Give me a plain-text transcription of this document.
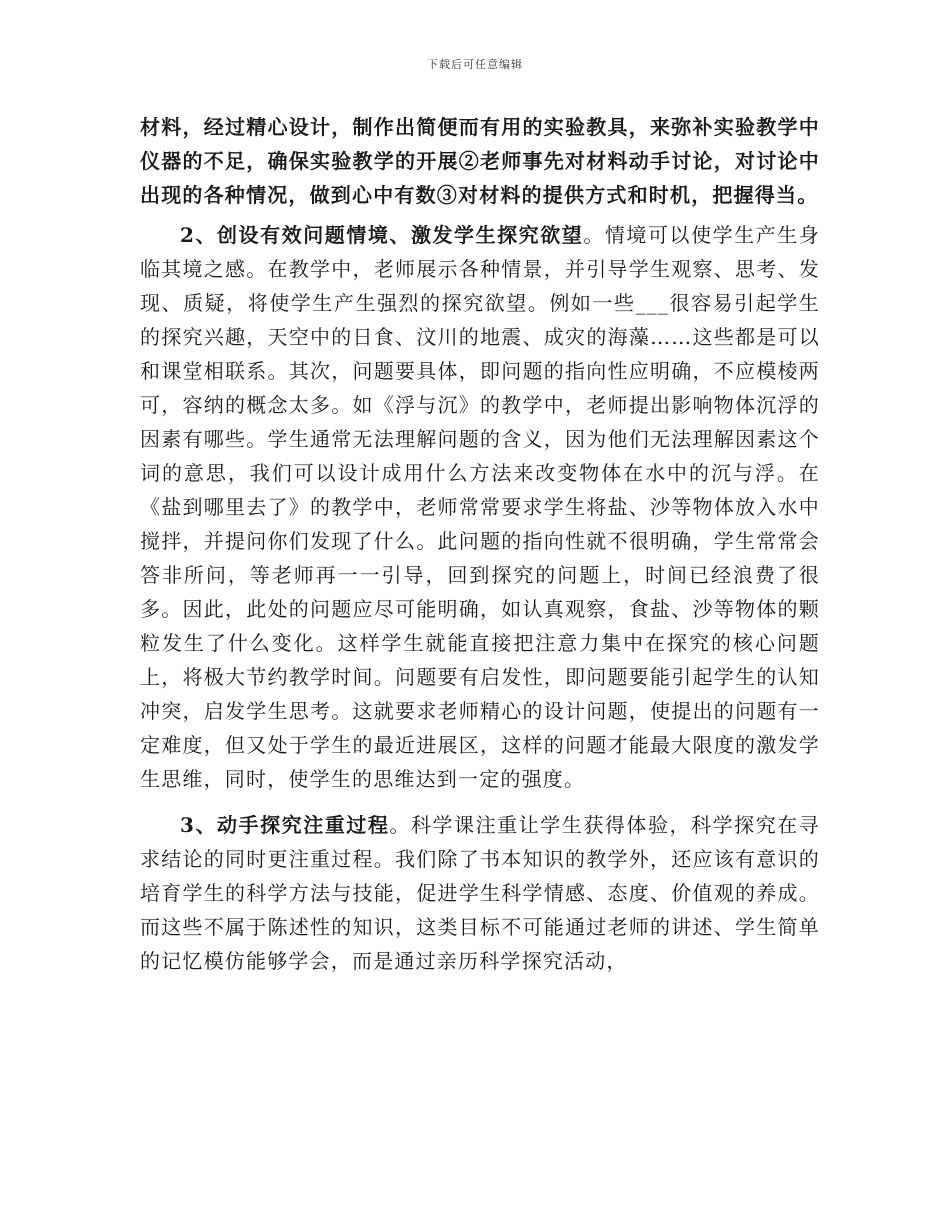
下载后可任意编辑

材料，经过精心设计，制作出简便而有用的实验教具，来弥补实验教学中仪器的不足，确保实验教学的开展②老师事先对材料动手讨论，对讨论中出现的各种情况，做到心中有数③对材料的提供方式和时机，把握得当。

2、创设有效问题情境、激发学生探究欲望。情境可以使学生产生身临其境之感。在教学中，老师展示各种情景，并引导学生观察、思考、发现、质疑，将使学生产生强烈的探究欲望。例如一些___很容易引起学生的探究兴趣，天空中的日食、汶川的地震、成灾的海藻……这些都是可以和课堂相联系。其次，问题要具体，即问题的指向性应明确，不应模棱两可，容纳的概念太多。如《浮与沉》的教学中，老师提出影响物体沉浮的因素有哪些。学生通常无法理解问题的含义，因为他们无法理解因素这个词的意思，我们可以设计成用什么方法来改变物体在水中的沉与浮。在《盐到哪里去了》的教学中，老师常常要求学生将盐、沙等物体放入水中搅拌，并提问你们发现了什么。此问题的指向性就不很明确，学生常常会答非所问，等老师再一一引导，回到探究的问题上，时间已经浪费了很多。因此，此处的问题应尽可能明确，如认真观察，食盐、沙等物体的颗粒发生了什么变化。这样学生就能直接把注意力集中在探究的核心问题上，将极大节约教学时间。问题要有启发性，即问题要能引起学生的认知冲突，启发学生思考。这就要求老师精心的设计问题，使提出的问题有一定难度，但又处于学生的最近进展区，这样的问题才能最大限度的激发学生思维，同时，使学生的思维达到一定的强度。

3、动手探究注重过程。科学课注重让学生获得体验，科学探究在寻求结论的同时更注重过程。我们除了书本知识的教学外，还应该有意识的培育学生的科学方法与技能，促进学生科学情感、态度、价值观的养成。而这些不属于陈述性的知识，这类目标不可能通过老师的讲述、学生简单的记忆模仿能够学会，而是通过亲历科学探究活动，
